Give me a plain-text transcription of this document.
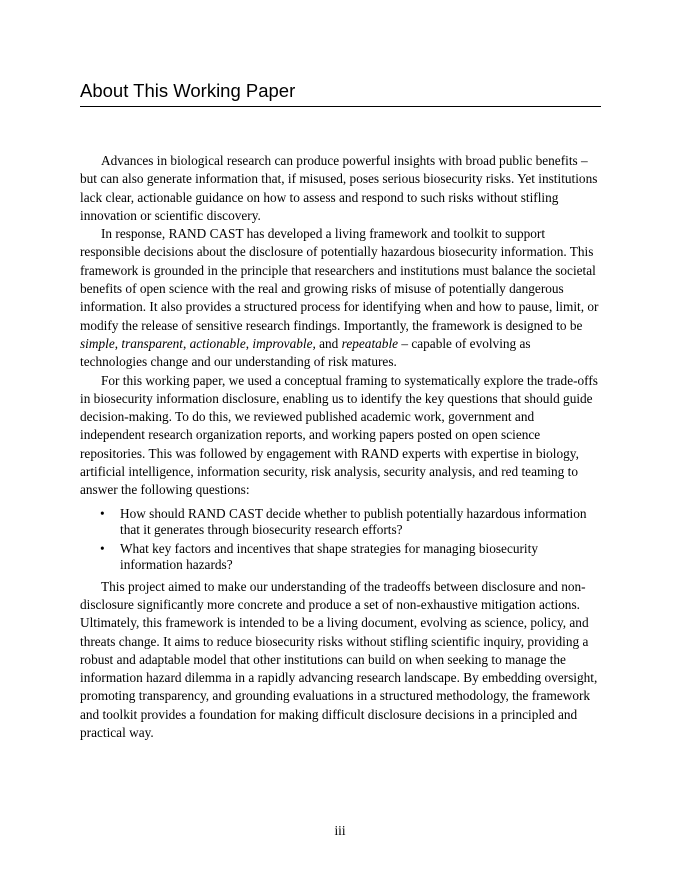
About This Working Paper

Advances in biological research can produce powerful insights with broad public benefits – but can also generate information that, if misused, poses serious biosecurity risks. Yet institutions lack clear, actionable guidance on how to assess and respond to such risks without stifling innovation or scientific discovery.

In response, RAND CAST has developed a living framework and toolkit to support responsible decisions about the disclosure of potentially hazardous biosecurity information. This framework is grounded in the principle that researchers and institutions must balance the societal benefits of open science with the real and growing risks of misuse of potentially dangerous information. It also provides a structured process for identifying when and how to pause, limit, or modify the release of sensitive research findings. Importantly, the framework is designed to be simple, transparent, actionable, improvable, and repeatable – capable of evolving as technologies change and our understanding of risk matures.

For this working paper, we used a conceptual framing to systematically explore the trade-offs in biosecurity information disclosure, enabling us to identify the key questions that should guide decision-making. To do this, we reviewed published academic work, government and independent research organization reports, and working papers posted on open science repositories. This was followed by engagement with RAND experts with expertise in biology, artificial intelligence, information security, risk analysis, security analysis, and red teaming to answer the following questions:

• How should RAND CAST decide whether to publish potentially hazardous information that it generates through biosecurity research efforts?
• What key factors and incentives that shape strategies for managing biosecurity information hazards?

This project aimed to make our understanding of the tradeoffs between disclosure and non-disclosure significantly more concrete and produce a set of non-exhaustive mitigation actions. Ultimately, this framework is intended to be a living document, evolving as science, policy, and threats change. It aims to reduce biosecurity risks without stifling scientific inquiry, providing a robust and adaptable model that other institutions can build on when seeking to manage the information hazard dilemma in a rapidly advancing research landscape. By embedding oversight, promoting transparency, and grounding evaluations in a structured methodology, the framework and toolkit provides a foundation for making difficult disclosure decisions in a principled and practical way.

iii
